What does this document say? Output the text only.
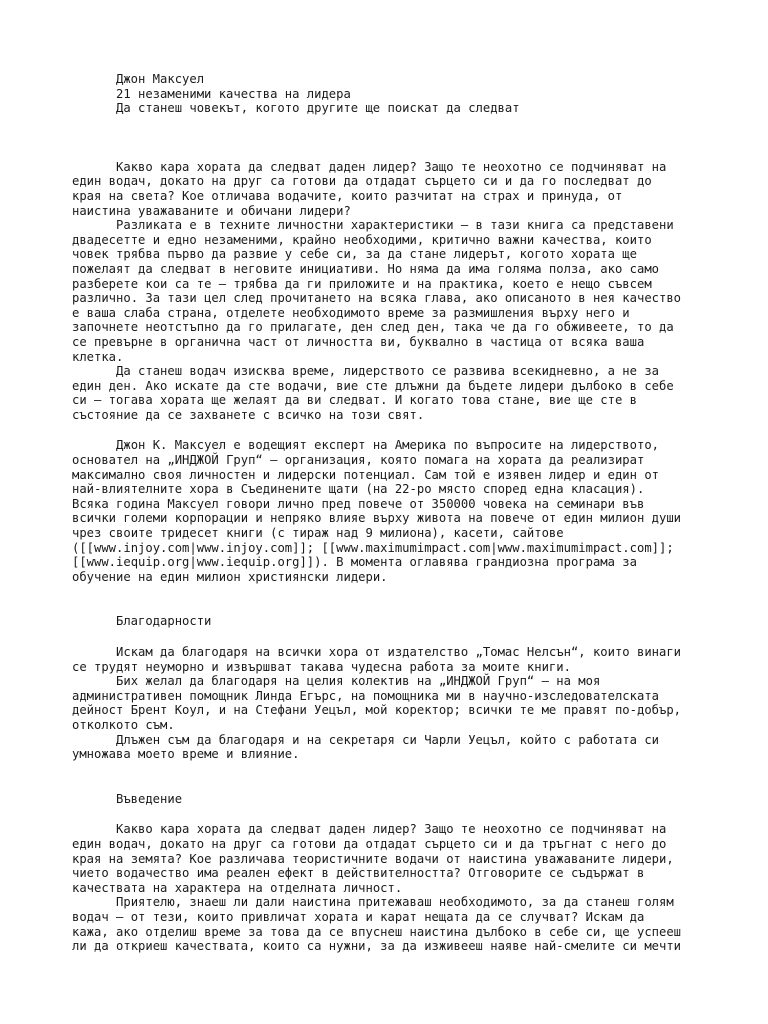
Джон Максуел
21 незаменими качества на лидера
Да станеш човекът, когото другите ще поискат да следват
Какво кара хората да следват даден лидер? Защо те неохотно се подчиняват на
един водач, докато на друг са готови да отдадат сърцето си и да го последват до
края на света? Кое отличава водачите, които разчитат на страх и принуда, от
наистина уважаваните и обичани лидери?
Разликата е в техните личностни характеристики — в тази книга са представени
двадесетте и едно незаменими, крайно необходими, критично важни качества, които
човек трябва първо да развие у себе си, за да стане лидерът, когото хората ще
пожелаят да следват в неговите инициативи. Но няма да има голяма полза, ако само
разберете кои са те — трябва да ги приложите и на практика, което е нещо съвсем
различно. За тази цел след прочитането на всяка глава, ако описаното в нея качество
е ваша слаба страна, отделете необходимото време за размишления върху него и
започнете неотстъпно да го прилагате, ден след ден, така че да го обживеете, то да
се превърне в органична част от личността ви, буквално в частица от всяка ваша
клетка.
Да станеш водач изисква време, лидерството се развива всекидневно, а не за
един ден. Ако искате да сте водачи, вие сте длъжни да бъдете лидери дълбоко в себе
си — тогава хората ще желаят да ви следват. И когато това стане, вие ще сте в
състояние да се захванете с всичко на този свят.
Джон К. Максуел е водещият експерт на Америка по въпросите на лидерството,
основател на „ИНДЖОЙ Груп“ — организация, която помага на хората да реализират
максимално своя личностен и лидерски потенциал. Сам той е изявен лидер и един от
най-влиятелните хора в Съединените щати (на 22-ро място според една класация).
Всяка година Максуел говори лично пред повече от 350000 човека на семинари във
всички големи корпорации и непряко влияе върху живота на повече от един милион души
чрез своите тридесет книги (с тираж над 9 милиона), касети, сайтове
([[www.injoy.com|www.injoy.com]]; [[www.maximumimpact.com|www.maximumimpact.com]];
[[www.iequip.org|www.iequip.org]]). В момента оглавява грандиозна програма за
обучение на един милион християнски лидери.
Благодарности
Искам да благодаря на всички хора от издателство „Томас Нелсън“, които винаги
се трудят неуморно и извършват такава чудесна работа за моите книги.
Бих желал да благодаря на целия колектив на „ИНДЖОЙ Груп“ — на моя
административен помощник Линда Егърс, на помощника ми в научно-изследователската
дейност Брент Коул, и на Стефани Уецъл, мой коректор; всички те ме правят по-добър,
отколкото съм.
Длъжен съм да благодаря и на секретаря си Чарли Уецъл, който с работата си
умножава моето време и влияние.
Въведение
Какво кара хората да следват даден лидер? Защо те неохотно се подчиняват на
един водач, докато на друг са готови да отдадат сърцето си и да тръгнат с него до
края на земята? Кое различава теористичните водачи от наистина уважаваните лидери,
чието водачество има реален ефект в действителността? Отговорите се съдържат в
качествата на характера на отделната личност.
Приятелю, знаеш ли дали наистина притежаваш необходимото, за да станеш голям
водач — от тези, които привличат хората и карат нещата да се случват? Искам да
кажа, ако отделиш време за това да се впуснеш наистина дълбоко в себе си, ще успееш
ли да откриеш качествата, които са нужни, за да изживееш наяве най-смелите си мечти
